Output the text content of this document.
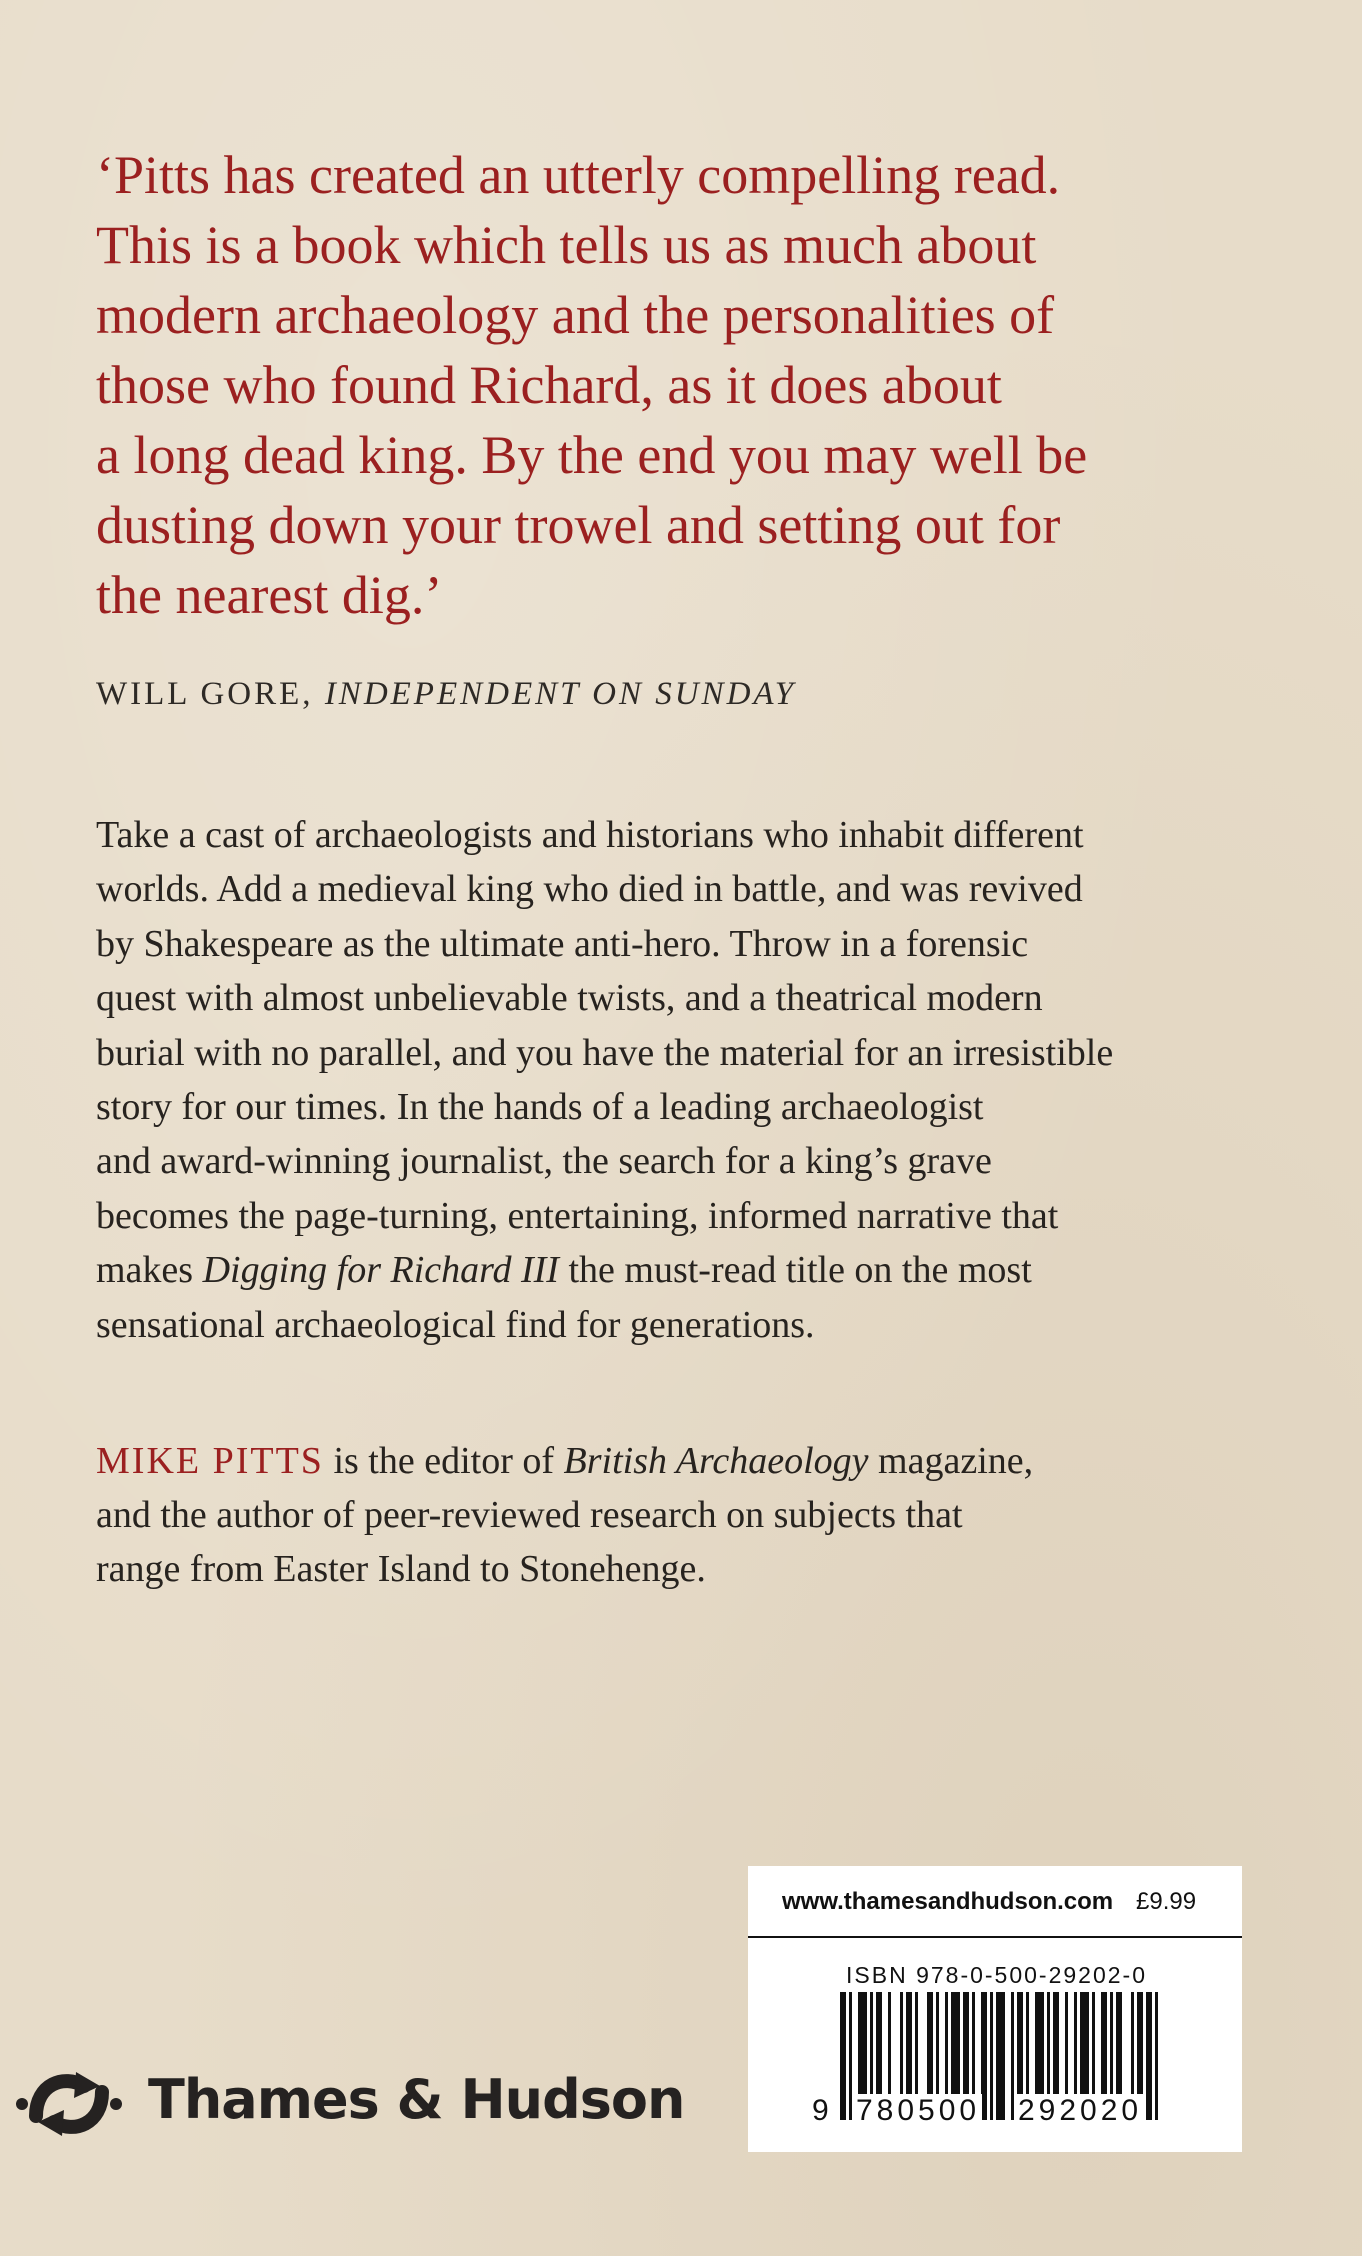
‘Pitts has created an utterly compelling read.
This is a book which tells us as much about
modern archaeology and the personalities of
those who found Richard, as it does about
a long dead king. By the end you may well be
dusting down your trowel and setting out for
the nearest dig.’
WILL GORE, INDEPENDENT ON SUNDAY
Take a cast of archaeologists and historians who inhabit different
worlds. Add a medieval king who died in battle, and was revived
by Shakespeare as the ultimate anti-hero. Throw in a forensic
quest with almost unbelievable twists, and a theatrical modern
burial with no parallel, and you have the material for an irresistible
story for our times. In the hands of a leading archaeologist
and award-winning journalist, the search for a king’s grave
becomes the page-turning, entertaining, informed narrative that
makes Digging for Richard III the must-read title on the most
sensational archaeological find for generations.
MIKE PITTS is the editor of British Archaeology magazine,
and the author of peer-reviewed research on subjects that
range from Easter Island to Stonehenge.
Thames & Hudson
www.thamesandhudson.com £9.99
ISBN 978-0-500-29202-0
9 780500 292020
